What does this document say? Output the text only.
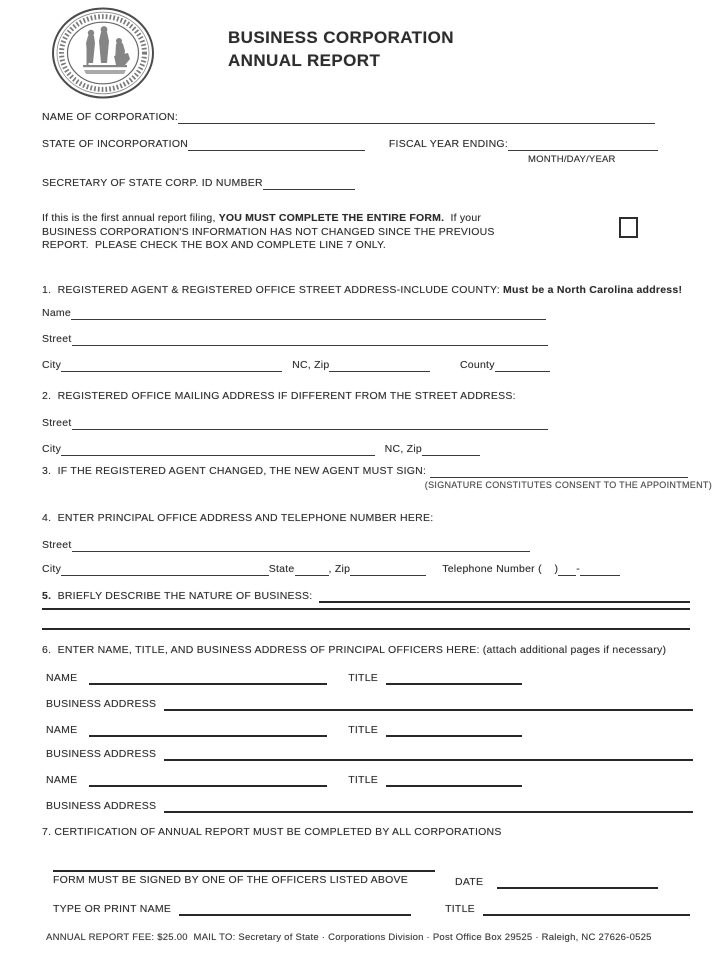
BUSINESS CORPORATION
ANNUAL REPORT
NAME OF CORPORATION:
STATE OF INCORPORATION	FISCAL YEAR ENDING:
MONTH/DAY/YEAR
SECRETARY OF STATE CORP. ID NUMBER
If this is the first annual report filing, YOU MUST COMPLETE THE ENTIRE FORM.  If your
BUSINESS CORPORATION'S INFORMATION HAS NOT CHANGED SINCE THE PREVIOUS
REPORT.  PLEASE CHECK THE BOX AND COMPLETE LINE 7 ONLY.
1.  REGISTERED AGENT & REGISTERED OFFICE STREET ADDRESS-INCLUDE COUNTY: Must be a North Carolina address!
Name
Street
City	NC, Zip	County
2.  REGISTERED OFFICE MAILING ADDRESS IF DIFFERENT FROM THE STREET ADDRESS:
Street
City	NC, Zip
3.  IF THE REGISTERED AGENT CHANGED, THE NEW AGENT MUST SIGN:
(SIGNATURE CONSTITUTES CONSENT TO THE APPOINTMENT)
4.  ENTER PRINCIPAL OFFICE ADDRESS AND TELEPHONE NUMBER HERE:
Street
City	State	, Zip	Telephone Number (    ) -
5. BRIEFLY DESCRIBE THE NATURE OF BUSINESS:
6.  ENTER NAME, TITLE, AND BUSINESS ADDRESS OF PRINCIPAL OFFICERS HERE: (attach additional pages if necessary)
NAME	TITLE
BUSINESS ADDRESS
NAME	TITLE
BUSINESS ADDRESS
NAME	TITLE
BUSINESS ADDRESS
7. CERTIFICATION OF ANNUAL REPORT MUST BE COMPLETED BY ALL CORPORATIONS
FORM MUST BE SIGNED BY ONE OF THE OFFICERS LISTED ABOVE	DATE
TYPE OR PRINT NAME	TITLE
ANNUAL REPORT FEE: $25.00  MAIL TO: Secretary of State · Corporations Division · Post Office Box 29525 · Raleigh, NC 27626-0525
